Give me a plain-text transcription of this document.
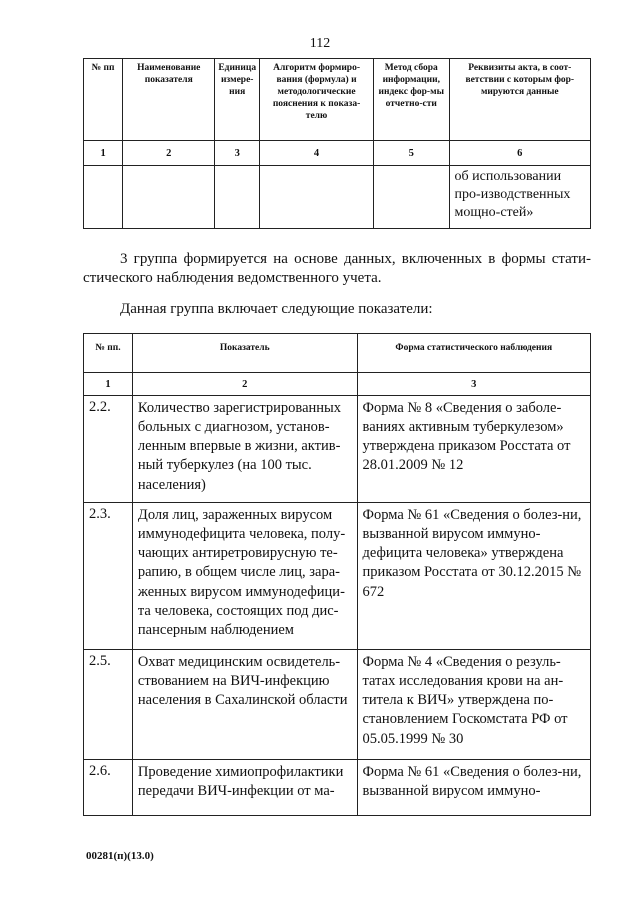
112
№ пп	Наименование показателя	Единица измере-ния	Алгоритм формиро-вания (формула) и методологические пояснения к показа-телю	Метод сбора информации, индекс фор-мы отчетно-сти	Реквизиты акта, в соот-ветствии с которым фор-мируются данные
1	2	3	4	5	6
					об использовании про-изводственных мощно-стей»

3 группа формируется на основе данных, включенных в формы стати-стического наблюдения ведомственного учета.

Данная группа включает следующие показатели:

№ пп.	Показатель	Форма статистического наблюдения
1	2	3
2.2.	Количество зарегистрированных больных с диагнозом, установ-ленным впервые в жизни, актив-ный туберкулез (на 100 тыс. населения)	Форма № 8 «Сведения о заболе-ваниях активным туберкулезом» утверждена приказом Росстата от 28.01.2009 № 12
2.3.	Доля лиц, зараженных вирусом иммунодефицита человека, полу-чающих антиретровирусную те-рапию, в общем числе лиц, зара-женных вирусом иммунодефици-та человека, состоящих под дис-пансерным наблюдением	Форма № 61 «Сведения о болез-ни, вызванной вирусом иммуно-дефицита человека» утверждена приказом Росстата от 30.12.2015 № 672
2.5.	Охват медицинским освидетель-ствованием на ВИЧ-инфекцию населения в Сахалинской области	Форма № 4 «Сведения о резуль-татах исследования крови на ан-титела к ВИЧ» утверждена по-становлением Госкомстата РФ от 05.05.1999 № 30
2.6.	Проведение химиопрофилактики передачи ВИЧ-инфекции от ма-	Форма № 61 «Сведения о болез-ни, вызванной вирусом иммуно-
00281(п)(13.0)
